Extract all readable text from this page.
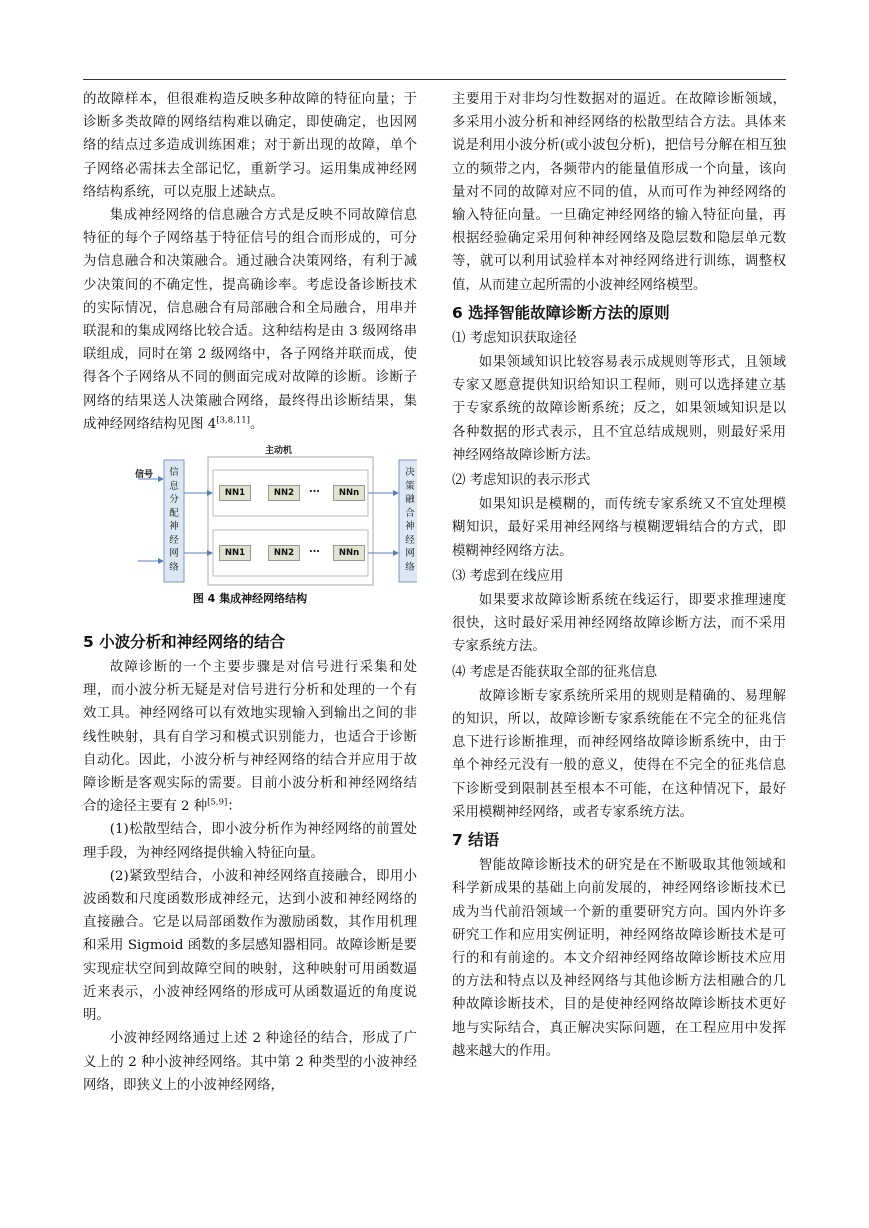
的故障样本，但很难构造反映多种故障的特征向量；于诊断多类故障的网络结构难以确定，即使确定，也因网络的结点过多造成训练困难；对于新出现的故障，单个子网络必需抹去全部记忆，重新学习。运用集成神经网络结构系统，可以克服上述缺点。

集成神经网络的信息融合方式是反映不同故障信息特征的每个子网络基于特征信号的组合而形成的，可分为信息融合和决策融合。通过融合决策网络，有利于减少决策间的不确定性，提高确诊率。考虑设备诊断技术的实际情况，信息融合有局部融合和全局融合，用串并联混和的集成网络比较合适。这种结构是由 3 级网络串联组成，同时在第 2 级网络中，各子网络并联而成，使得各个子网络从不同的侧面完成对故障的诊断。诊断子网络的结果送人决策融合网络，最终得出诊断结果，集成神经网络结构见图 4[3,8,11]。

主动机
信号 信息分配神经网络
决策融合神经网络
NN1	NN2	…	NNn
NN1	NN2	…	NNn
图 4 集成神经网络结构
5 小波分析和神经网络的结合

故障诊断的一个主要步骤是对信号进行采集和处理，而小波分析无疑是对信号进行分析和处理的一个有效工具。神经网络可以有效地实现输入到输出之间的非线性映射，具有自学习和模式识别能力，也适合于诊断自动化。因此，小波分析与神经网络的结合并应用于故障诊断是客观实际的需要。目前小波分析和神经网络结合的途径主要有 2 种[5,9]：

(1)松散型结合，即小波分析作为神经网络的前置处理手段，为神经网络提供输入特征向量。

(2)紧致型结合，小波和神经网络直接融合，即用小波函数和尺度函数形成神经元，达到小波和神经网络的直接融合。它是以局部函数作为激励函数，其作用机理和采用 Sigmoid 函数的多层感知器相同。故障诊断是要实现症状空间到故障空间的映射，这种映射可用函数逼近来表示，小波神经网络的形成可从函数逼近的角度说明。

小波神经网络通过上述 2 种途径的结合，形成了广义上的 2 种小波神经网络。其中第 2 种类型的小波神经网络，即狭义上的小波神经网络，

主要用于对非均匀性数据对的逼近。在故障诊断领域，多采用小波分析和神经网络的松散型结合方法。具体来说是利用小波分析(或小波包分析)，把信号分解在相互独立的频带之内，各频带内的能量值形成一个向量，该向量对不同的故障对应不同的值，从而可作为神经网络的输入特征向量。一旦确定神经网络的输入特征向量，再根据经验确定采用何种神经网络及隐层数和隐层单元数等，就可以利用试验样本对神经网络进行训练，调整权值，从而建立起所需的小波神经网络模型。

6 选择智能故障诊断方法的原则

⑴ 考虑知识获取途径

如果领域知识比较容易表示成规则等形式，且领域专家又愿意提供知识给知识工程师，则可以选择建立基于专家系统的故障诊断系统；反之，如果领域知识是以各种数据的形式表示，且不宜总结成规则，则最好采用神经网络故障诊断方法。

⑵ 考虑知识的表示形式

如果知识是模糊的，而传统专家系统又不宜处理模糊知识，最好采用神经网络与模糊逻辑结合的方式，即模糊神经网络方法。

⑶ 考虑到在线应用

如果要求故障诊断系统在线运行，即要求推理速度很快，这时最好采用神经网络故障诊断方法，而不采用专家系统方法。

⑷ 考虑是否能获取全部的征兆信息

故障诊断专家系统所采用的规则是精确的、易理解的知识，所以，故障诊断专家系统能在不完全的征兆信息下进行诊断推理，而神经网络故障诊断系统中，由于单个神经元没有一般的意义，使得在不完全的征兆信息下诊断受到限制甚至根本不可能，在这种情况下，最好采用模糊神经网络，或者专家系统方法。

7 结语

智能故障诊断技术的研究是在不断吸取其他领域和科学新成果的基础上向前发展的，神经网络诊断技术已成为当代前沿领域一个新的重要研究方向。国内外许多研究工作和应用实例证明，神经网络故障诊断技术是可行的和有前途的。本文介绍神经网络故障诊断技术应用的方法和特点以及神经网络与其他诊断方法相融合的几种故障诊断技术，目的是使神经网络故障诊断技术更好地与实际结合，真正解决实际问题，在工程应用中发挥越来越大的作用。
